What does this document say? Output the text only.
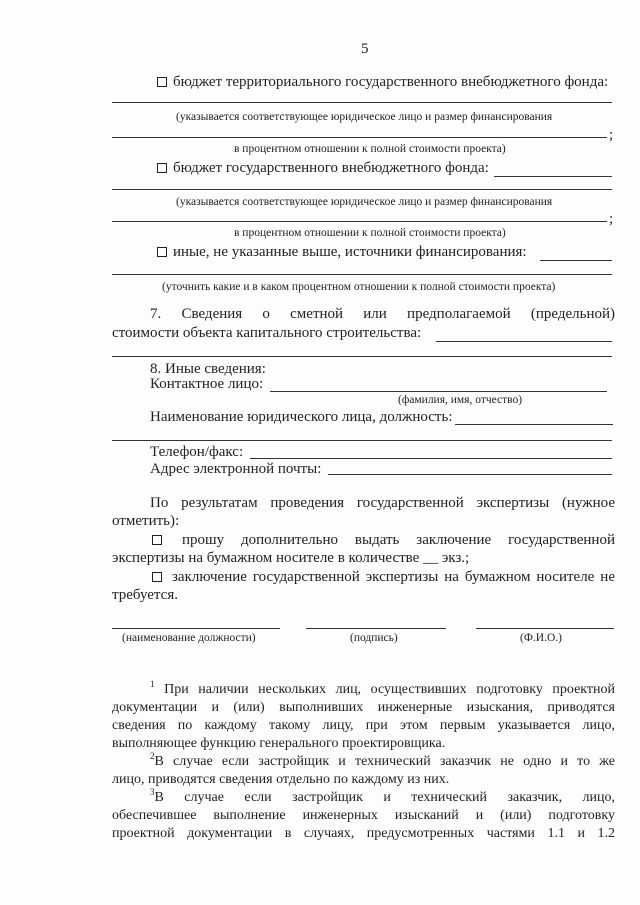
5
бюджет территориального государственного внебюджетного фонда:
(указывается соответствующее юридическое лицо и размер финансирования
;
в процентном отношении к полной стоимости проекта)
бюджет государственного внебюджетного фонда:
(указывается соответствующее юридическое лицо и размер финансирования
;
в процентном отношении к полной стоимости проекта)
иные, не указанные выше, источники финансирования:
(уточнить какие и в каком процентном отношении к полной стоимости проекта)
7. Сведения о сметной или предполагаемой (предельной)
стоимости объекта капитального строительства:
8. Иные сведения:
Контактное лицо:
(фамилия, имя, отчество)
Наименование юридического лица, должность:
Телефон/факс:
Адрес электронной почты:
По результатам проведения государственной экспертизы (нужное
отметить):
прошу дополнительно выдать заключение государственной
экспертизы на бумажном носителе в количестве __ экз.;
заключение государственной экспертизы на бумажном носителе не
требуется.
(наименование должности)	(подпись)	(Ф.И.О.)
$^1$ При наличии нескольких лиц, осуществивших подготовку проектной
документации и (или) выполнивших инженерные изыскания, приводятся
сведения по каждому такому лицу, при этом первым указывается лицо,
выполняющее функцию генерального проектировщика.
$^2$В случае если застройщик и технический заказчик не одно и то же
лицо, приводятся сведения отдельно по каждому из них.
$^3$В случае если застройщик и технический заказчик, лицо,
обеспечившее выполнение инженерных изысканий и (или) подготовку
проектной документации в случаях, предусмотренных частями 1.1 и 1.2
